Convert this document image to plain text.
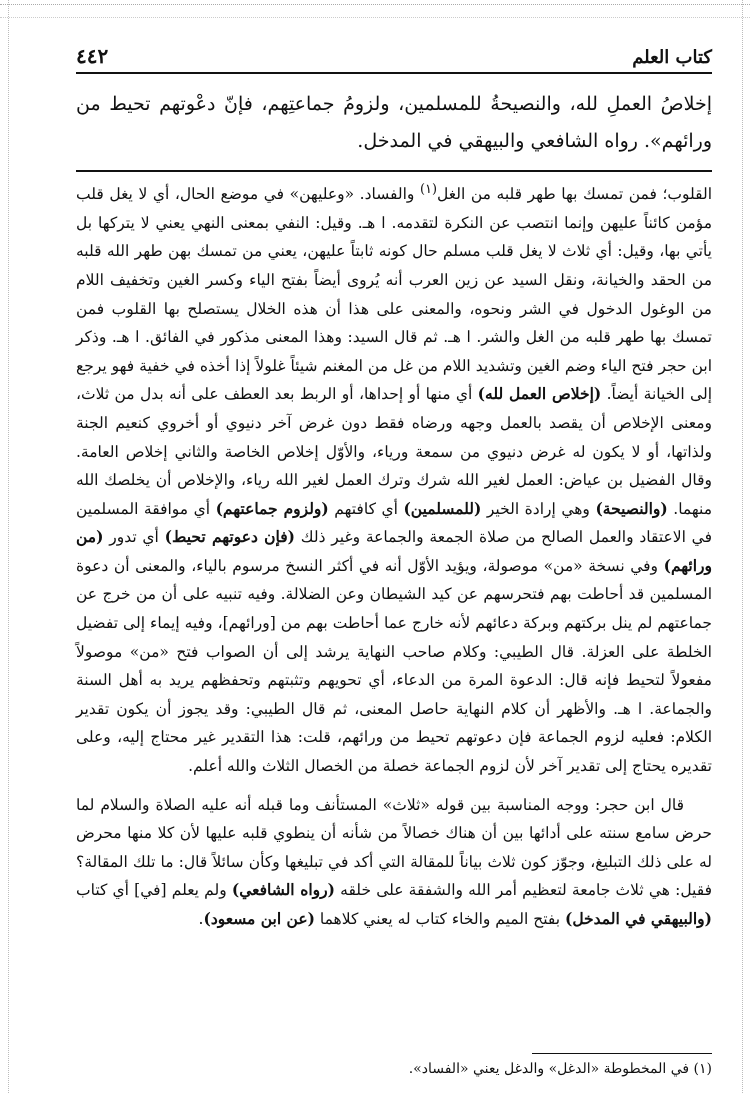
٤٤٢	كتاب العلم
إخلاصُ العملِ لله، والنصيحةُ للمسلمين، ولزومُ جماعتِهم، فإنّ دعْوتهم تحيط من ورائهم». رواه الشافعي والبيهقي في المدخل.

القلوب؛ فمن تمسك بها طهر قلبه من الغل$^{(١)}$ والفساد. «وعليهن» في موضع الحال، أي لا يغل قلب مؤمن كائناً عليهن وإنما انتصب عن النكرة لتقدمه. ا هـ. وقيل: النفي بمعنى النهي يعني لا يتركها بل يأتي بها، وقيل: أي ثلاث لا يغل قلب مسلم حال كونه ثابتاً عليهن، يعني من تمسك بهن طهر الله قلبه من الحقد والخيانة، ونقل السيد عن زين العرب أنه يُروى أيضاً بفتح الياء وكسر الغين وتخفيف اللام من الوغول الدخول في الشر ونحوه، والمعنى على هذا أن هذه الخلال يستصلح بها القلوب فمن تمسك بها طهر قلبه من الغل والشر. ا هـ. ثم قال السيد: وهذا المعنى مذكور في الفائق. ا هـ. وذكر ابن حجر فتح الياء وضم الغين وتشديد اللام من غل من المغنم شيئاً غلولاً إذا أخذه في خفية فهو يرجع إلى الخيانة أيضاً. (إخلاص العمل لله) أي منها أو إحداها، أو الربط بعد العطف على أنه بدل من ثلاث، ومعنى الإخلاص أن يقصد بالعمل وجهه ورضاه فقط دون غرض آخر دنيوي أو أخروي كنعيم الجنة ولذاتها، أو لا يكون له غرض دنيوي من سمعة ورياء، والأوّل إخلاص الخاصة والثاني إخلاص العامة. وقال الفضيل بن عياض: العمل لغير الله شرك وترك العمل لغير الله رياء، والإخلاص أن يخلصك الله منهما. (والنصيحة) وهي إرادة الخير (للمسلمين) أي كافتهم (ولزوم جماعتهم) أي موافقة المسلمين في الاعتقاد والعمل الصالح من صلاة الجمعة والجماعة وغير ذلك (فإن دعوتهم تحيط) أي تدور (من ورائهم) وفي نسخة «من» موصولة، ويؤيد الأوّل أنه في أكثر النسخ مرسوم بالياء، والمعنى أن دعوة المسلمين قد أحاطت بهم فتحرسهم عن كيد الشيطان وعن الضلالة. وفيه تنبيه على أن من خرج عن جماعتهم لم ينل بركتهم وبركة دعائهم لأنه خارج عما أحاطت بهم من [ورائهم]، وفيه إيماء إلى تفضيل الخلطة على العزلة. قال الطيبي: وكلام صاحب النهاية يرشد إلى أن الصواب فتح «من» موصولاً مفعولاً لتحيط فإنه قال: الدعوة المرة من الدعاء، أي تحويهم وتثبتهم وتحفظهم يريد به أهل السنة والجماعة. ا هـ. والأظهر أن كلام النهاية حاصل المعنى، ثم قال الطيبي: وقد يجوز أن يكون تقدير الكلام: فعليه لزوم الجماعة فإن دعوتهم تحيط من ورائهم، قلت: هذا التقدير غير محتاج إليه، وعلى تقديره يحتاج إلى تقدير آخر لأن لزوم الجماعة خصلة من الخصال الثلاث والله أعلم.

قال ابن حجر: ووجه المناسبة بين قوله «ثلاث» المستأنف وما قبله أنه عليه الصلاة والسلام لما حرض سامع سنته على أدائها بين أن هناك خصالاً من شأنه أن ينطوي قلبه عليها لأن كلا منها محرض له على ذلك التبليغ، وجوّز كون ثلاث بياناً للمقالة التي أكد في تبليغها وكأن سائلاً قال: ما تلك المقالة؟ فقيل: هي ثلاث جامعة لتعظيم أمر الله والشفقة على خلقه (رواه الشافعي) ولم يعلم [في] أي كتاب (والبيهقي في المدخل) بفتح الميم والخاء كتاب له يعني كلاهما (عن ابن مسعود).

(١) في المخطوطة «الدغل» والدغل يعني «الفساد».
